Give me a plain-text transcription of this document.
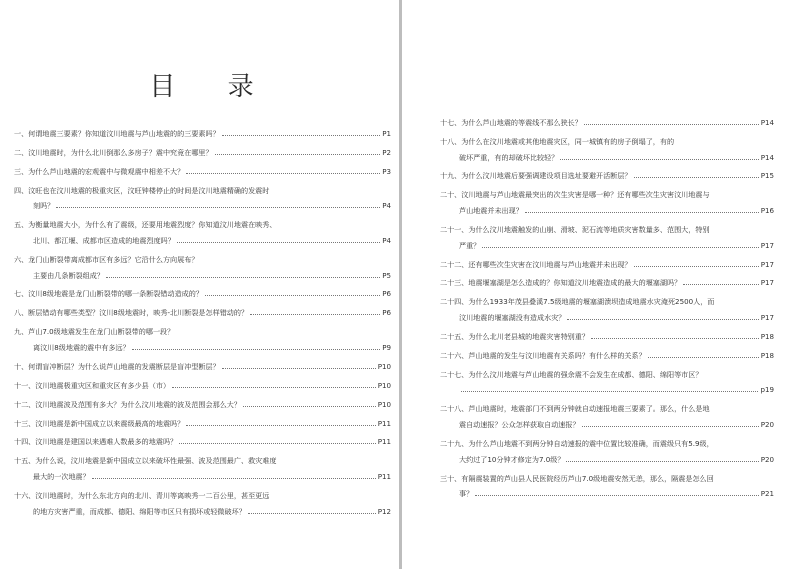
目 录
一、何谓地震三要素？你知道汶川地震与芦山地震的的三要素吗？	P1
二、汶川地震时，为什么北川倒那么多房子？震中究竟在哪里？	P2
三、为什么芦山地震的宏观震中与微观震中相差不大？	P3
四、汶旺也在汶川地震的极重灾区，汶旺钟楼停止的时间是汶川地震精确的发震时
刻吗？	P4
五、为衡量地震大小，为什么有了震级，还要用地震烈度？你知道汶川地震在映秀、
北川、都江堰、成都市区造成的地震烈度吗？	P4
六、龙门山断裂带离成都市区有多远？它沿什么方向展布？
主要由几条断裂组成？	P5
七、汶川8级地震是龙门山断裂带的哪一条断裂错动造成的？	P6
八、断层错动有哪些类型？汶川8级地震时，映秀-北川断裂是怎样错动的？	P6
九、芦山7.0级地震发生在龙门山断裂带的哪一段？
离汶川8级地震的震中有多远？	P9
十、何谓盲冲断层？为什么说芦山地震的发震断层是盲冲型断层？	P10
十一、汶川地震极重灾区和重灾区有多少县（市）	P10
十二、汶川地震波及范围有多大？为什么汶川地震的波及范围会那么大？	P10
十三、汶川地震是新中国成立以来震级最高的地震吗？	P11
十四、汶川地震是建国以来遇难人数最多的地震吗？	P11
十五、为什么说，汶川地震是新中国成立以来破坏性最强、波及范围最广、救灾难度
最大的一次地震？	P11
十六、汶川地震时，为什么东北方向的北川、青川等离映秀一二百公里，甚至更远
的地方灾害严重，而成都、德阳、绵阳等市区只有损坏或轻微破坏？	P12
十七、为什么芦山地震的等震线不那么狭长？	P14
十八、为什么在汶川地震或其他地震灾区，同一城镇有的房子倒塌了，有的
破坏严重，有的却破坏比较轻？	P14
十九、为什么汶川地震后要强调建设项目选址要避开活断层？	P15
二十、汶川地震与芦山地震最突出的次生灾害是哪一种？还有哪些次生灾害汶川地震与
芦山地震并未出现？	P16
二十一、为什么汶川地震触发的山崩、滑坡、泥石流等地质灾害数量多、范围大，特别
严重？	P17
二十二、还有哪些次生灾害在汶川地震与芦山地震并未出现？	P17
二十三、地震堰塞湖是怎么造成的？你知道汶川地震造成的最大的堰塞湖吗？	P17
二十四、为什么1933年茂县叠溪7.5级地震的堰塞湖溃坝造成地震水灾淹死2500人，而
汶川地震的堰塞湖没有造成水灾？	P17
二十五、为什么北川老县城的地震灾害特别重？	P18
二十六、芦山地震的发生与汶川地震有关系吗？有什么样的关系？	P18
二十七、为什么汶川地震与芦山地震的强余震不会发生在成都、德阳、绵阳等市区？
p19
二十八、芦山地震时，地震部门不到两分钟就自动速报地震三要素了。那么，什么是地
震自动速报？公众怎样获取自动速报？	P20
二十九、为什么芦山地震不到两分钟自动速报的震中位置比较准确，而震级只有5.9级，
大约过了10分钟才修定为7.0级？	P20
三十、有隔震装置的芦山县人民医院经历芦山7.0级地震安然无恙，那么，隔震是怎么回
事？	P21
